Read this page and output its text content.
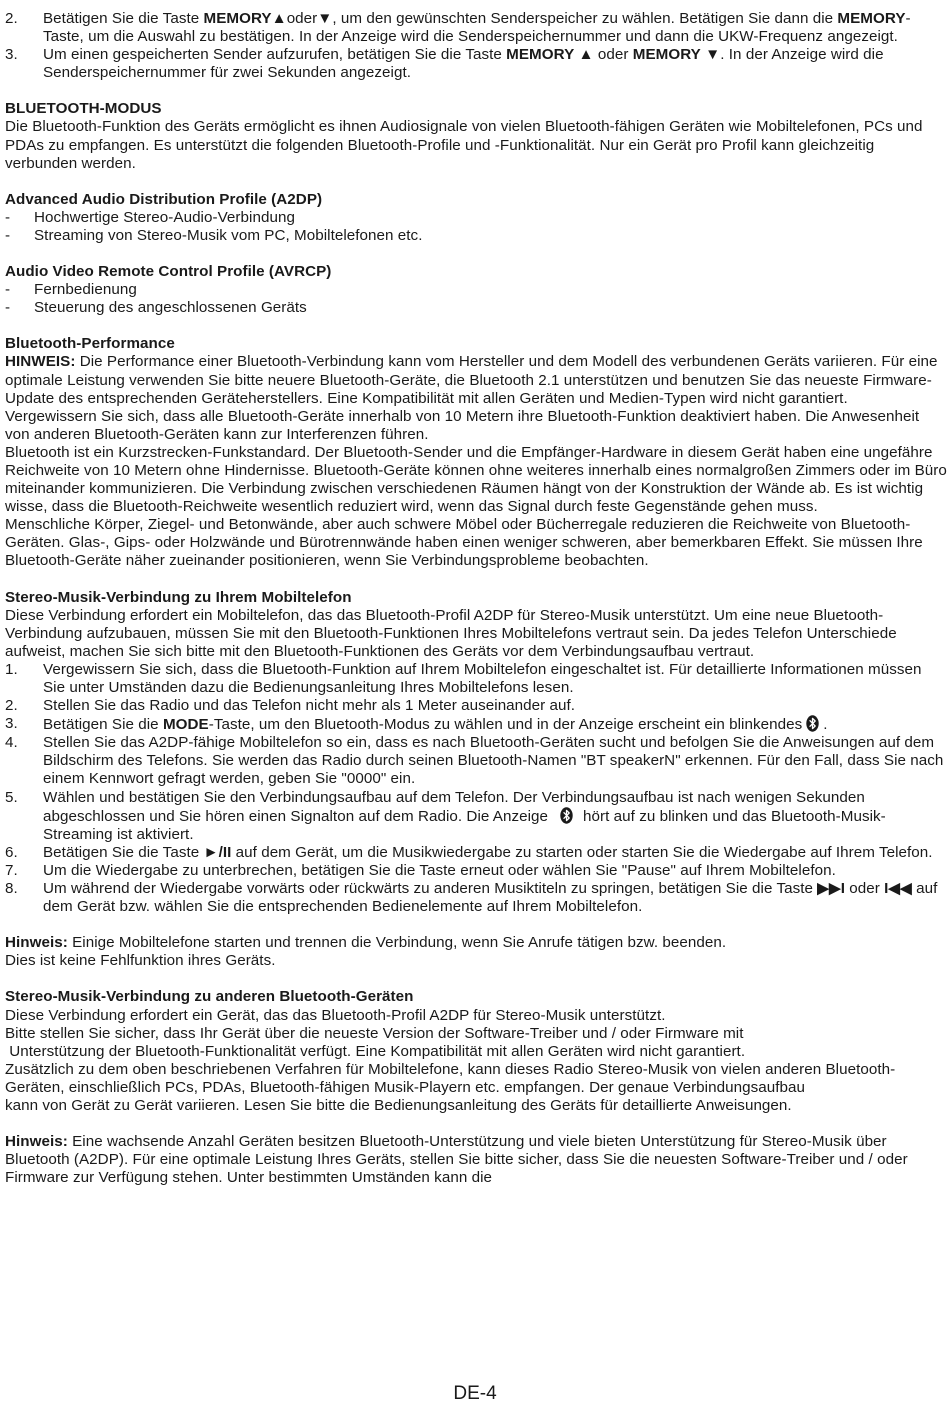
2. Betätigen Sie die Taste MEMORY▲oder▼, um den gewünschten Senderspeicher zu wählen. Betätigen Sie dann die MEMORY-Taste, um die Auswahl zu bestätigen. In der Anzeige wird die Senderspeichernummer und dann die UKW-Frequenz angezeigt.
3. Um einen gespeicherten Sender aufzurufen, betätigen Sie die Taste MEMORY ▲ oder MEMORY ▼. In der Anzeige wird die Senderspeichernummer für zwei Sekunden angezeigt.
BLUETOOTH-MODUS
Die Bluetooth-Funktion des Geräts ermöglicht es ihnen Audiosignale von vielen Bluetooth-fähigen Geräten wie Mobiltelefonen, PCs und PDAs zu empfangen. Es unterstützt die folgenden Bluetooth-Profile und -Funktionalität. Nur ein Gerät pro Profil kann gleichzeitig verbunden werden.
Advanced Audio Distribution Profile (A2DP)
- Hochwertige Stereo-Audio-Verbindung
- Streaming von Stereo-Musik vom PC, Mobiltelefonen etc.
Audio Video Remote Control Profile (AVRCP)
- Fernbedienung
- Steuerung des angeschlossenen Geräts
Bluetooth-Performance
HINWEIS: Die Performance einer Bluetooth-Verbindung kann vom Hersteller und dem Modell des verbundenen Geräts variieren. Für eine optimale Leistung verwenden Sie bitte neuere Bluetooth-Geräte, die Bluetooth 2.1 unterstützen und benutzen Sie das neueste Firmware-Update des entsprechenden Geräteherstellers. Eine Kompatibilität mit allen Geräten und Medien-Typen wird nicht garantiert.
Vergewissern Sie sich, dass alle Bluetooth-Geräte innerhalb von 10 Metern ihre Bluetooth-Funktion deaktiviert haben. Die Anwesenheit von anderen Bluetooth-Geräten kann zur Interferenzen führen.
Bluetooth ist ein Kurzstrecken-Funkstandard. Der Bluetooth-Sender und die Empfänger-Hardware in diesem Gerät haben eine ungefähre Reichweite von 10 Metern ohne Hindernisse. Bluetooth-Geräte können ohne weiteres innerhalb eines normalgroßen Zimmers oder im Büro miteinander kommunizieren. Die Verbindung zwischen verschiedenen Räumen hängt von der Konstruktion der Wände ab. Es ist wichtig wisse, dass die Bluetooth-Reichweite wesentlich reduziert wird, wenn das Signal durch feste Gegenstände gehen muss.
Menschliche Körper, Ziegel- und Betonwände, aber auch schwere Möbel oder Bücherregale reduzieren die Reichweite von Bluetooth-Geräten. Glas-, Gips- oder Holzwände und Bürotrennwände haben einen weniger schweren, aber bemerkbaren Effekt. Sie müssen Ihre Bluetooth-Geräte näher zueinander positionieren, wenn Sie Verbindungsprobleme beobachten.
Stereo-Musik-Verbindung zu Ihrem Mobiltelefon
Diese Verbindung erfordert ein Mobiltelefon, das das Bluetooth-Profil A2DP für Stereo-Musik unterstützt. Um eine neue Bluetooth-Verbindung aufzubauen, müssen Sie mit den Bluetooth-Funktionen Ihres Mobiltelefons vertraut sein. Da jedes Telefon Unterschiede aufweist, machen Sie sich bitte mit den Bluetooth-Funktionen des Geräts vor dem Verbindungsaufbau vertraut.
1. Vergewissern Sie sich, dass die Bluetooth-Funktion auf Ihrem Mobiltelefon eingeschaltet ist. Für detaillierte Informationen müssen Sie unter Umständen dazu die Bedienungsanleitung Ihres Mobiltelefons lesen.
2. Stellen Sie das Radio und das Telefon nicht mehr als 1 Meter auseinander auf.
3. Betätigen Sie die MODE-Taste, um den Bluetooth-Modus zu wählen und in der Anzeige erscheint ein blinkendes .
4. Stellen Sie das A2DP-fähige Mobiltelefon so ein, dass es nach Bluetooth-Geräten sucht und befolgen Sie die Anweisungen auf dem Bildschirm des Telefons. Sie werden das Radio durch seinen Bluetooth-Namen "BT speakerN" erkennen. Für den Fall, dass Sie nach einem Kennwort gefragt werden, geben Sie "0000" ein.
5. Wählen und bestätigen Sie den Verbindungsaufbau auf dem Telefon. Der Verbindungsaufbau ist nach wenigen Sekunden abgeschlossen und Sie hören einen Signalton auf dem Radio. Die Anzeige hört auf zu blinken und das Bluetooth-Musik-Streaming ist aktiviert.
6. Betätigen Sie die Taste ►/II auf dem Gerät, um die Musikwiedergabe zu starten oder starten Sie die Wiedergabe auf Ihrem Telefon.
7. Um die Wiedergabe zu unterbrechen, betätigen Sie die Taste erneut oder wählen Sie "Pause" auf Ihrem Mobiltelefon.
8. Um während der Wiedergabe vorwärts oder rückwärts zu anderen Musiktiteln zu springen, betätigen Sie die Taste ▶▶I oder I◀◀ auf dem Gerät bzw. wählen Sie die entsprechenden Bedienelemente auf Ihrem Mobiltelefon.
Hinweis: Einige Mobiltelefone starten und trennen die Verbindung, wenn Sie Anrufe tätigen bzw. beenden.
Dies ist keine Fehlfunktion ihres Geräts.
Stereo-Musik-Verbindung zu anderen Bluetooth-Geräten
Diese Verbindung erfordert ein Gerät, das das Bluetooth-Profil A2DP für Stereo-Musik unterstützt.
Bitte stellen Sie sicher, dass Ihr Gerät über die neueste Version der Software-Treiber und / oder Firmware mit
Unterstützung der Bluetooth-Funktionalität verfügt. Eine Kompatibilität mit allen Geräten wird nicht garantiert.
Zusätzlich zu dem oben beschriebenen Verfahren für Mobiltelefone, kann dieses Radio Stereo-Musik von vielen anderen Bluetooth-Geräten, einschließlich PCs, PDAs, Bluetooth-fähigen Musik-Playern etc. empfangen. Der genaue Verbindungsaufbau
kann von Gerät zu Gerät variieren. Lesen Sie bitte die Bedienungsanleitung des Geräts für detaillierte Anweisungen.
Hinweis: Eine wachsende Anzahl Geräten besitzen Bluetooth-Unterstützung und viele bieten Unterstützung für Stereo-Musik über Bluetooth (A2DP). Für eine optimale Leistung Ihres Geräts, stellen Sie bitte sicher, dass Sie die neuesten Software-Treiber und / oder Firmware zur Verfügung stehen. Unter bestimmten Umständen kann die
DE-4
